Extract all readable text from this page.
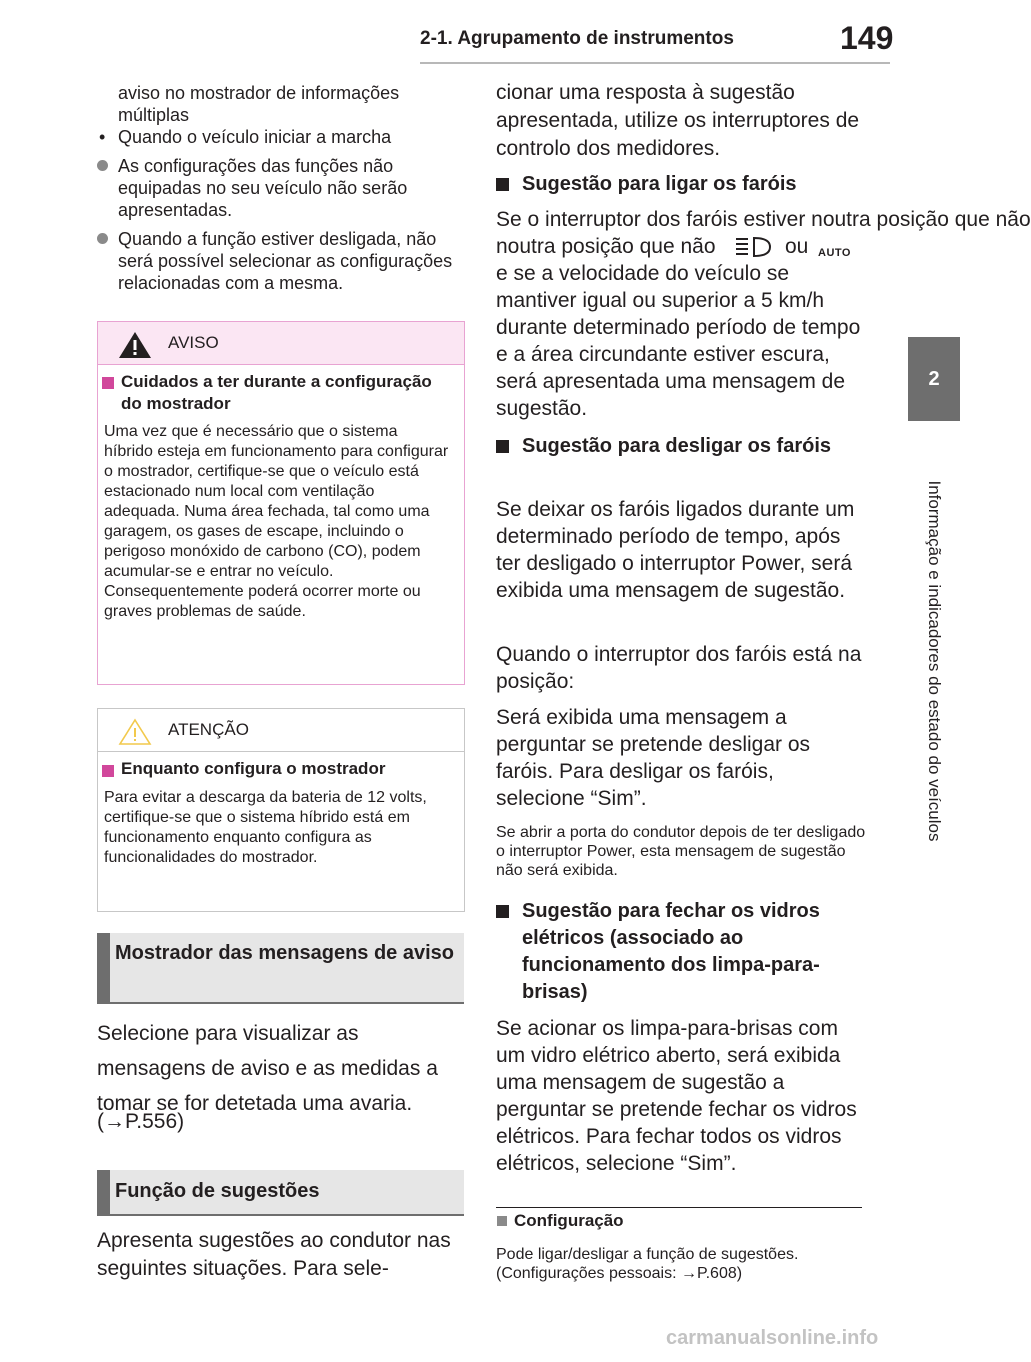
2-1. Agrupamento de instrumentos	149
2
Informação e indicadores do estado do veículos
aviso no mostrador de informações
múltiplas
• Quando o veículo iniciar a marcha
As configurações das funções não equipadas no seu veículo não serão apresentadas.
Quando a função estiver desligada, não será possível selecionar as configurações relacionadas com a mesma.
AVISO
Cuidados a ter durante a configuração do mostrador
Uma vez que é necessário que o sistema híbrido esteja em funcionamento para configurar o mostrador, certifique-se que o veículo está estacionado num local com ventilação adequada. Numa área fechada, tal como uma garagem, os gases de escape, incluindo o perigoso monóxido de carbono (CO), podem acumular-se e entrar no veículo. Consequentemente poderá ocorrer morte ou graves problemas de saúde.
ATENÇÃO
Enquanto configura o mostrador
Para evitar a descarga da bateria de 12 volts, certifique-se que o sistema híbrido está em funcionamento enquanto configura as funcionalidades do mostrador.
Mostrador das mensagens de aviso
Selecione para visualizar as mensagens de aviso e as medidas a tomar se for detetada uma avaria.
(→P.556)
Função de sugestões
Apresenta sugestões ao condutor nas seguintes situações. Para sele-
cionar uma resposta à sugestão apresentada, utilize os interruptores de controlo dos medidores.
Sugestão para ligar os faróis
Se o interruptor dos faróis estiver noutra posição que não
noutra posição que não	ou AUTO
e se a velocidade do veículo se mantiver igual ou superior a 5 km/h durante determinado período de tempo e a área circundante estiver escura, será apresentada uma mensagem de sugestão.
Sugestão para desligar os faróis
Se deixar os faróis ligados durante um determinado período de tempo, após ter desligado o interruptor Power, será exibida uma mensagem de sugestão.
Quando o interruptor dos faróis está na posição:
Será exibida uma mensagem a perguntar se pretende desligar os faróis. Para desligar os faróis, selecione “Sim”.
Se abrir a porta do condutor depois de ter desligado o interruptor Power, esta mensagem de sugestão não será exibida.
Sugestão para fechar os vidros elétricos (associado ao funcionamento dos limpa-para-brisas)
Se acionar os limpa-para-brisas com um vidro elétrico aberto, será exibida uma mensagem de sugestão a perguntar se pretende fechar os vidros elétricos. Para fechar todos os vidros elétricos, selecione “Sim”.
Configuração
Pode ligar/desligar a função de sugestões. (Configurações pessoais: →P.608)
carmanualsonline.info
